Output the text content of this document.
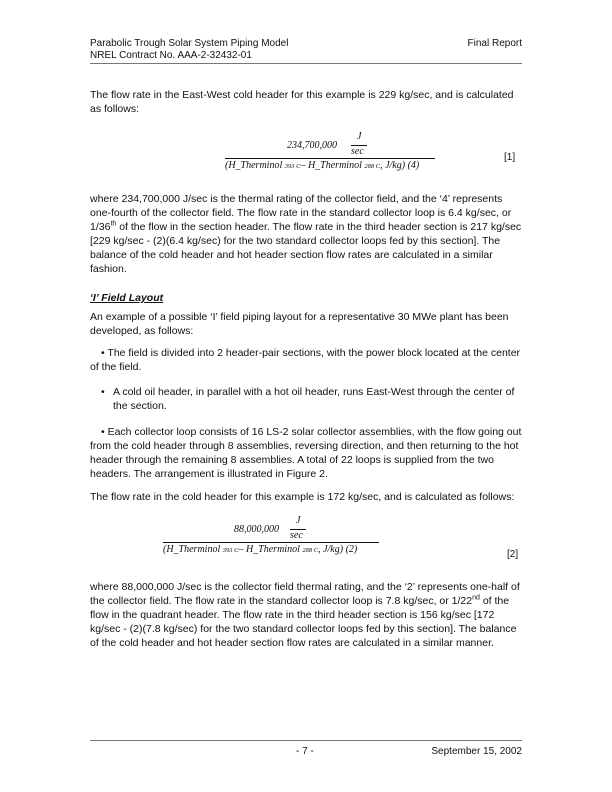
Parabolic Trough Solar System Piping Model
NREL Contract No. AAA-2-32432-01
Final Report
The flow rate in the East-West cold header for this example is 229 kg/sec, and is calculated as follows:
234,700,000
J
sec
(H_Therminol 393 C– H_Therminol 288 C, J/kg) (4)
[1]
where 234,700,000 J/sec is the thermal rating of the collector field, and the ‘4’ represents one-fourth of the collector field. The flow rate in the standard collector loop is 6.4 kg/sec, or 1/36th of the flow in the section header. The flow rate in the third header section is 217 kg/sec [229 kg/sec - (2)(6.4 kg/sec) for the two standard collector loops fed by this section]. The balance of the cold header and hot header section flow rates are calculated in a similar fashion.
‘I’ Field Layout
An example of a possible ‘I’ field piping layout for a representative 30 MWe plant has been developed, as follows:
• The field is divided into 2 header-pair sections, with the power block located at the center of the field.
• A cold oil header, in parallel with a hot oil header, runs East-West through the center of the section.
• Each collector loop consists of 16 LS-2 solar collector assemblies, with the flow going out from the cold header through 8 assemblies, reversing direction, and then returning to the hot header through the remaining 8 assemblies. A total of 22 loops is supplied from the two headers. The arrangement is illustrated in Figure 2.
The flow rate in the cold header for this example is 172 kg/sec, and is calculated as follows:
88,000,000
J
sec
(H_Therminol 393 C– H_Therminol 288 C, J/kg) (2)	[2]
where 88,000,000 J/sec is the collector field thermal rating, and the ‘2’ represents one-half of the collector field. The flow rate in the standard collector loop is 7.8 kg/sec, or 1/22nd of the flow in the quadrant header. The flow rate in the third header section is 156 kg/sec [172 kg/sec - (2)(7.8 kg/sec) for the two standard collector loops fed by this section]. The balance of the cold header and hot header section flow rates are calculated in a similar manner.
- 7 -	September 15, 2002
